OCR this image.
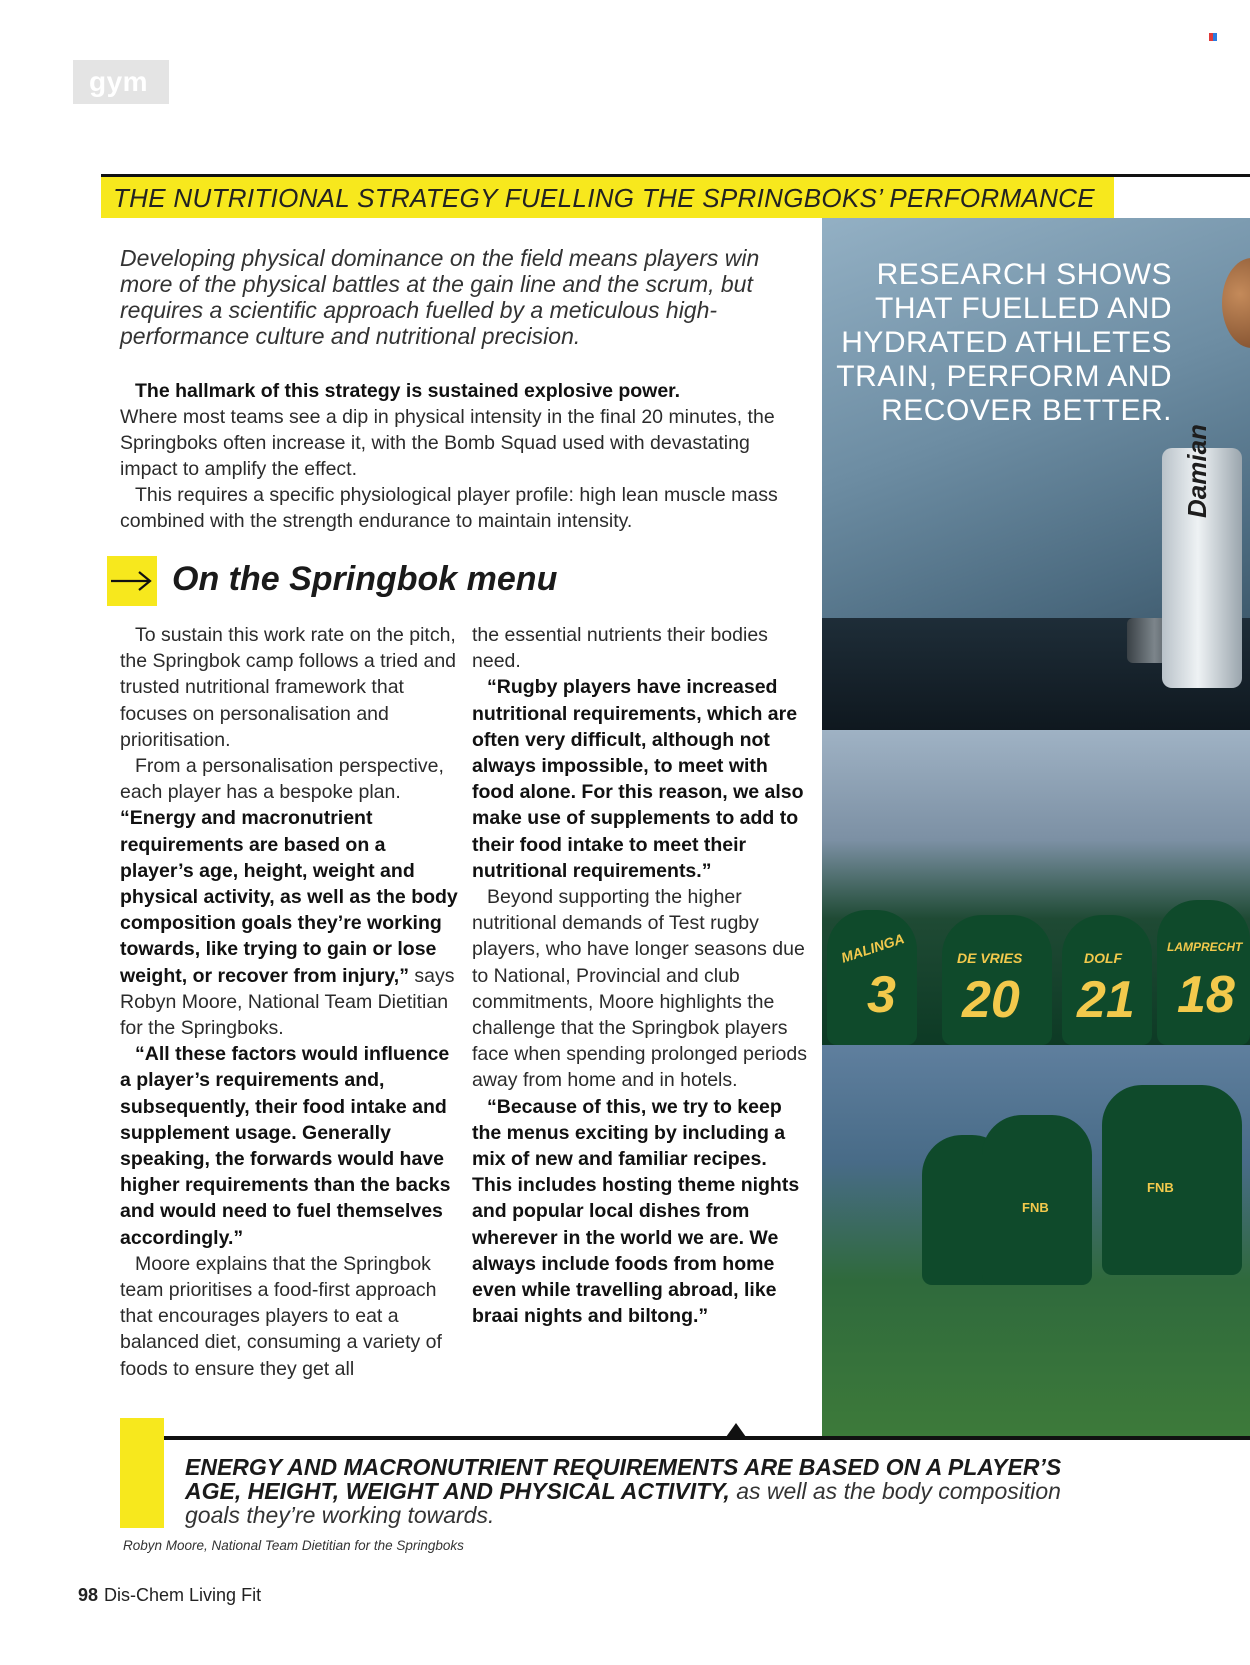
gym
THE NUTRITIONAL STRATEGY FUELLING THE SPRINGBOKS’ PERFORMANCE

Developing physical dominance on the field means players win more of the physical battles at the gain line and the scrum, but requires a scientific approach fuelled by a meticulous high-performance culture and nutritional precision.

The hallmark of this strategy is sustained explosive power.
Where most teams see a dip in physical intensity in the final 20 minutes, the Springboks often increase it, with the Bomb Squad used with devastating impact to amplify the effect.

This requires a specific physiological player profile: high lean muscle mass combined with the strength endurance to maintain intensity.

On the Springbok menu

To sustain this work rate on the pitch, the Springbok camp follows a tried and trusted nutritional framework that focuses on personalisation and prioritisation.

From a personalisation perspective, each player has a bespoke plan. “Energy and macronutrient requirements are based on a player’s age, height, weight and physical activity, as well as the body composition goals they’re working towards, like trying to gain or lose weight, or recover from injury,” says Robyn Moore, National Team Dietitian for the Springboks.

“All these factors would influence a player’s requirements and, subsequently, their food intake and supplement usage. Generally speaking, the forwards would have higher requirements than the backs and would need to fuel themselves accordingly.”

Moore explains that the Springbok team prioritises a food-first approach that encourages players to eat a balanced diet, consuming a variety of foods to ensure they get all

the essential nutrients their bodies need.

“Rugby players have increased nutritional requirements, which are often very difficult, although not always impossible, to meet with food alone. For this reason, we also make use of supplements to add to their food intake to meet their nutritional requirements.”

Beyond supporting the higher nutritional demands of Test rugby players, who have longer seasons due to National, Provincial and club commitments, Moore highlights the challenge that the Springbok players face when spending prolonged periods away from home and in hotels.

“Because of this, we try to keep the menus exciting by including a mix of new and familiar recipes. This includes hosting theme nights and popular local dishes from wherever in the world we are. We always include foods from home even while travelling abroad, like braai nights and biltong.”

Damian
RESEARCH SHOWS THAT FUELLED AND HYDRATED ATHLETES TRAIN, PERFORM AND RECOVER BETTER.
MALINGA
3
DE VRIES
20
DOLF
21
LAMPRECHT
18
FNB
FNB
ENERGY AND MACRONUTRIENT REQUIREMENTS ARE BASED ON A PLAYER’S AGE, HEIGHT, WEIGHT AND PHYSICAL ACTIVITY, as well as the body composition goals they’re working towards.
Robyn Moore, National Team Dietitian for the Springboks
98 Dis-Chem Living Fit
